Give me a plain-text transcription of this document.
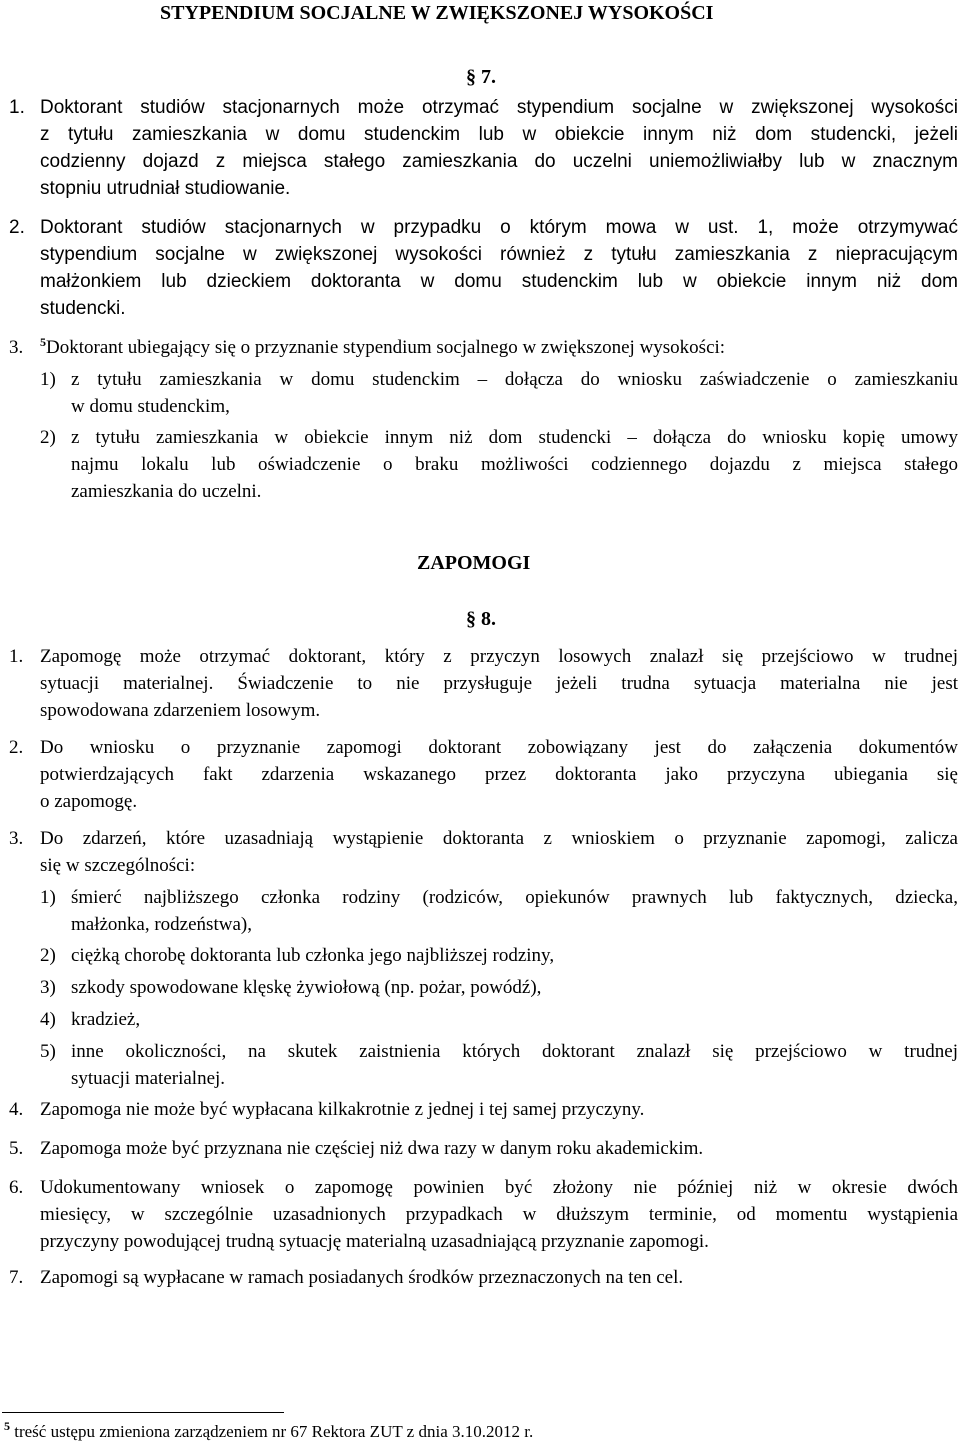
STYPENDIUM SOCJALNE W ZWIĘKSZONEJ WYSOKOŚCI
§ 7.
1. Doktorant studiów stacjonarnych może otrzymać stypendium socjalne w zwiększonej wysokości
z tytułu zamieszkania w domu studenckim lub w obiekcie innym niż dom studencki, jeżeli
codzienny dojazd z miejsca stałego zamieszkania do uczelni uniemożliwiałby lub w znacznym
stopniu utrudniał studiowanie.
2. Doktorant studiów stacjonarnych w przypadku o którym mowa w ust. 1, może otrzymywać
stypendium socjalne w zwiększonej wysokości również z tytułu zamieszkania z niepracującym
małżonkiem lub dzieckiem doktoranta w domu studenckim lub w obiekcie innym niż dom
studencki.
3. $^5$Doktorant ubiegający się o przyznanie stypendium socjalnego w zwiększonej wysokości:
1) z tytułu zamieszkania w domu studenckim – dołącza do wniosku zaświadczenie o zamieszkaniu
w domu studenckim,
2) z tytułu zamieszkania w obiekcie innym niż dom studencki – dołącza do wniosku kopię umowy
najmu lokalu lub oświadczenie o braku możliwości codziennego dojazdu z miejsca stałego
zamieszkania do uczelni.
ZAPOMOGI
§ 8.
1. Zapomogę może otrzymać doktorant, który z przyczyn losowych znalazł się przejściowo w trudnej
sytuacji materialnej. Świadczenie to nie przysługuje jeżeli trudna sytuacja materialna nie jest
spowodowana zdarzeniem losowym.
2. Do wniosku o przyznanie zapomogi doktorant zobowiązany jest do załączenia dokumentów
potwierdzających fakt zdarzenia wskazanego przez doktoranta jako przyczyna ubiegania się
o zapomogę.
3. Do zdarzeń, które uzasadniają wystąpienie doktoranta z wnioskiem o przyznanie zapomogi, zalicza
się w szczególności:
1) śmierć najbliższego członka rodziny (rodziców, opiekunów prawnych lub faktycznych, dziecka,
małżonka, rodzeństwa),
2) ciężką chorobę doktoranta lub członka jego najbliższej rodziny,
3) szkody spowodowane klęskę żywiołową (np. pożar, powódź),
4) kradzież,
5) inne okoliczności, na skutek zaistnienia których doktorant znalazł się przejściowo w trudnej
sytuacji materialnej.
4. Zapomoga nie może być wypłacana kilkakrotnie z jednej i tej samej przyczyny.
5. Zapomoga może być przyznana nie częściej niż dwa razy w danym roku akademickim.
6. Udokumentowany wniosek o zapomogę powinien być złożony nie później niż w okresie dwóch
miesięcy, w szczególnie uzasadnionych przypadkach w dłuższym terminie, od momentu wystąpienia
przyczyny powodującej trudną sytuację materialną uzasadniającą przyznanie zapomogi.
7. Zapomogi są wypłacane w ramach posiadanych środków przeznaczonych na ten cel.
$^5$ treść ustępu zmieniona zarządzeniem nr 67 Rektora ZUT z dnia 3.10.2012 r.
